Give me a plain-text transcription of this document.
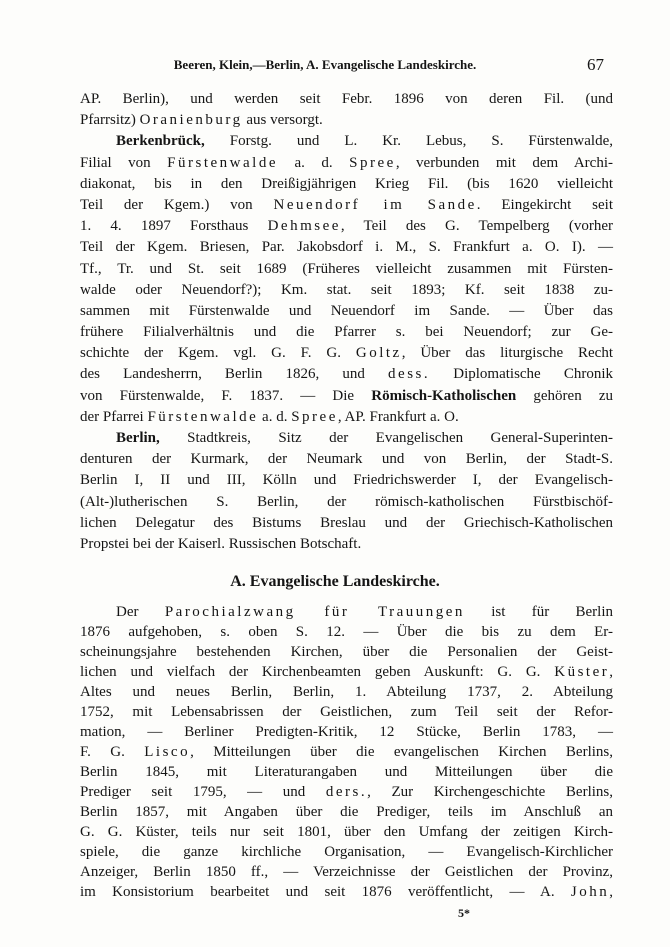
Beeren, Klein,—Berlin, A. Evangelische Landeskirche.	67
AP. Berlin), und werden seit Febr. 1896 von deren Fil. (und
Pfarrsitz) Oranienburg aus versorgt.
Berkenbrück, Forstg. und L. Kr. Lebus, S. Fürstenwalde,
Filial von Fürstenwalde a. d. Spree, verbunden mit dem Archi-
diakonat, bis in den Dreißigjährigen Krieg Fil. (bis 1620 vielleicht
Teil der Kgem.) von Neuendorf im Sande. Eingekircht seit
1. 4. 1897 Forsthaus Dehmsee, Teil des G. Tempelberg (vorher
Teil der Kgem. Briesen, Par. Jakobsdorf i. M., S. Frankfurt a. O. I). —
Tf., Tr. und St. seit 1689 (Früheres vielleicht zusammen mit Fürsten-
walde oder Neuendorf?); Km. stat. seit 1893; Kf. seit 1838 zu-
sammen mit Fürstenwalde und Neuendorf im Sande. — Über das
frühere Filialverhältnis und die Pfarrer s. bei Neuendorf; zur Ge-
schichte der Kgem. vgl. G. F. G. Goltz, Über das liturgische Recht
des Landesherrn, Berlin 1826, und dess. Diplomatische Chronik
von Fürstenwalde, F. 1837. — Die Römisch-Katholischen gehören zu
der Pfarrei Fürstenwalde a. d. Spree, AP. Frankfurt a. O.
Berlin, Stadtkreis, Sitz der Evangelischen General-Superinten-
denturen der Kurmark, der Neumark und von Berlin, der Stadt-S.
Berlin I, II und III, Kölln und Friedrichswerder I, der Evangelisch-
(Alt-)lutherischen S. Berlin, der römisch-katholischen Fürstbischöf-
lichen Delegatur des Bistums Breslau und der Griechisch-Katholischen
Propstei bei der Kaiserl. Russischen Botschaft.
A. Evangelische Landeskirche.
Der Parochialzwang für Trauungen ist für Berlin
1876 aufgehoben, s. oben S. 12. — Über die bis zu dem Er-
scheinungsjahre bestehenden Kirchen, über die Personalien der Geist-
lichen und vielfach der Kirchenbeamten geben Auskunft: G. G. Küster,
Altes und neues Berlin, Berlin, 1. Abteilung 1737, 2. Abteilung
1752, mit Lebensabrissen der Geistlichen, zum Teil seit der Refor-
mation, — Berliner Predigten-Kritik, 12 Stücke, Berlin 1783, —
F. G. Lisco, Mitteilungen über die evangelischen Kirchen Berlins,
Berlin 1845, mit Literaturangaben und Mitteilungen über die
Prediger seit 1795, — und ders., Zur Kirchengeschichte Berlins,
Berlin 1857, mit Angaben über die Prediger, teils im Anschluß an
G. G. Küster, teils nur seit 1801, über den Umfang der zeitigen Kirch-
spiele, die ganze kirchliche Organisation, — Evangelisch-Kirchlicher
Anzeiger, Berlin 1850 ff., — Verzeichnisse der Geistlichen der Provinz,
im Konsistorium bearbeitet und seit 1876 veröffentlicht, — A. John,
5*
